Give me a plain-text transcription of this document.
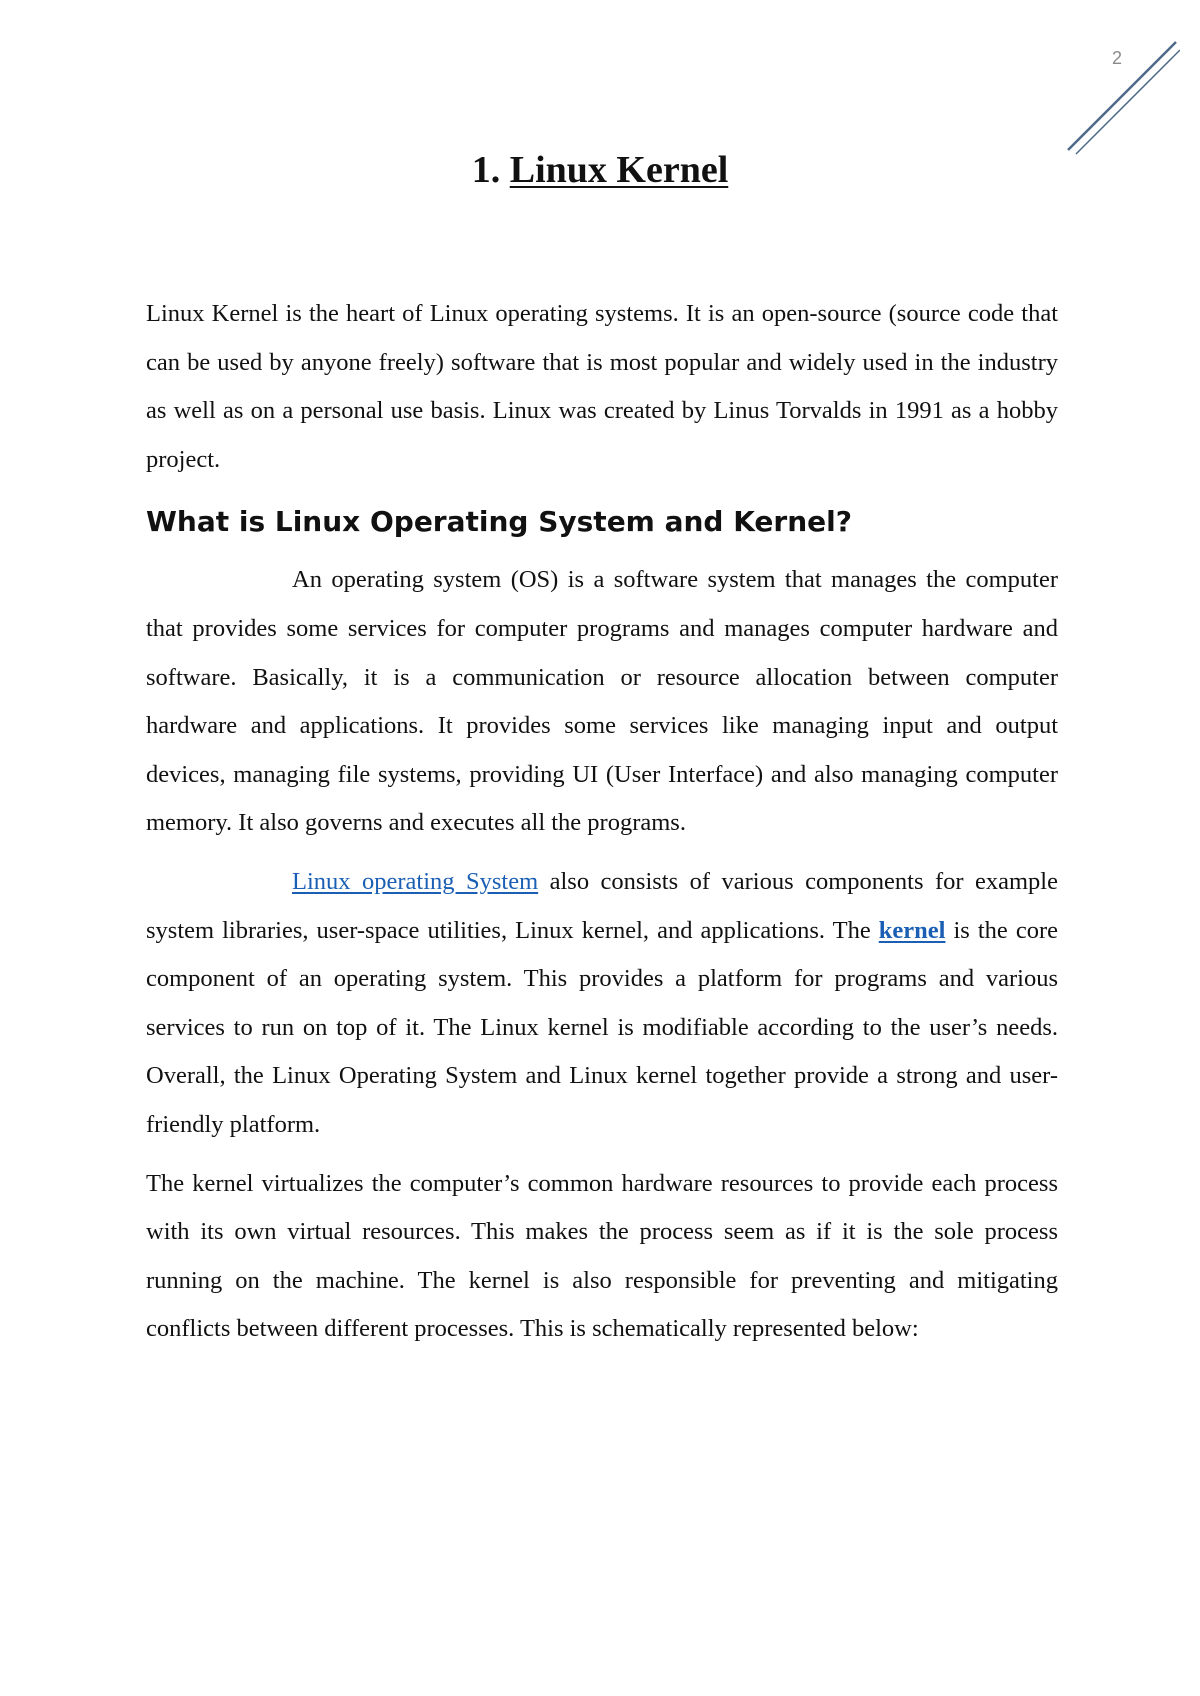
2
1. Linux Kernel

Linux Kernel is the heart of Linux operating systems. It is an open-source (source code that can be used by anyone freely) software that is most popular and widely used in the industry as well as on a personal use basis. Linux was created by Linus Torvalds in 1991 as a hobby project.

What is Linux Operating System and Kernel?

An operating system (OS) is a software system that manages the computer that provides some services for computer programs and manages computer hardware and software. Basically, it is a communication or resource allocation between computer hardware and applications. It provides some services like managing input and output devices, managing file systems, providing UI (User Interface) and also managing computer memory. It also governs and executes all the programs.

Linux operating System also consists of various components for example system libraries, user-space utilities, Linux kernel, and applications. The kernel is the core component of an operating system. This provides a platform for programs and various services to run on top of it. The Linux kernel is modifiable according to the user’s needs. Overall, the Linux Operating System and Linux kernel together provide a strong and user-friendly platform.

The kernel virtualizes the computer’s common hardware resources to provide each process with its own virtual resources. This makes the process seem as if it is the sole process running on the machine. The kernel is also responsible for preventing and mitigating conflicts between different processes. This is schematically represented below:
